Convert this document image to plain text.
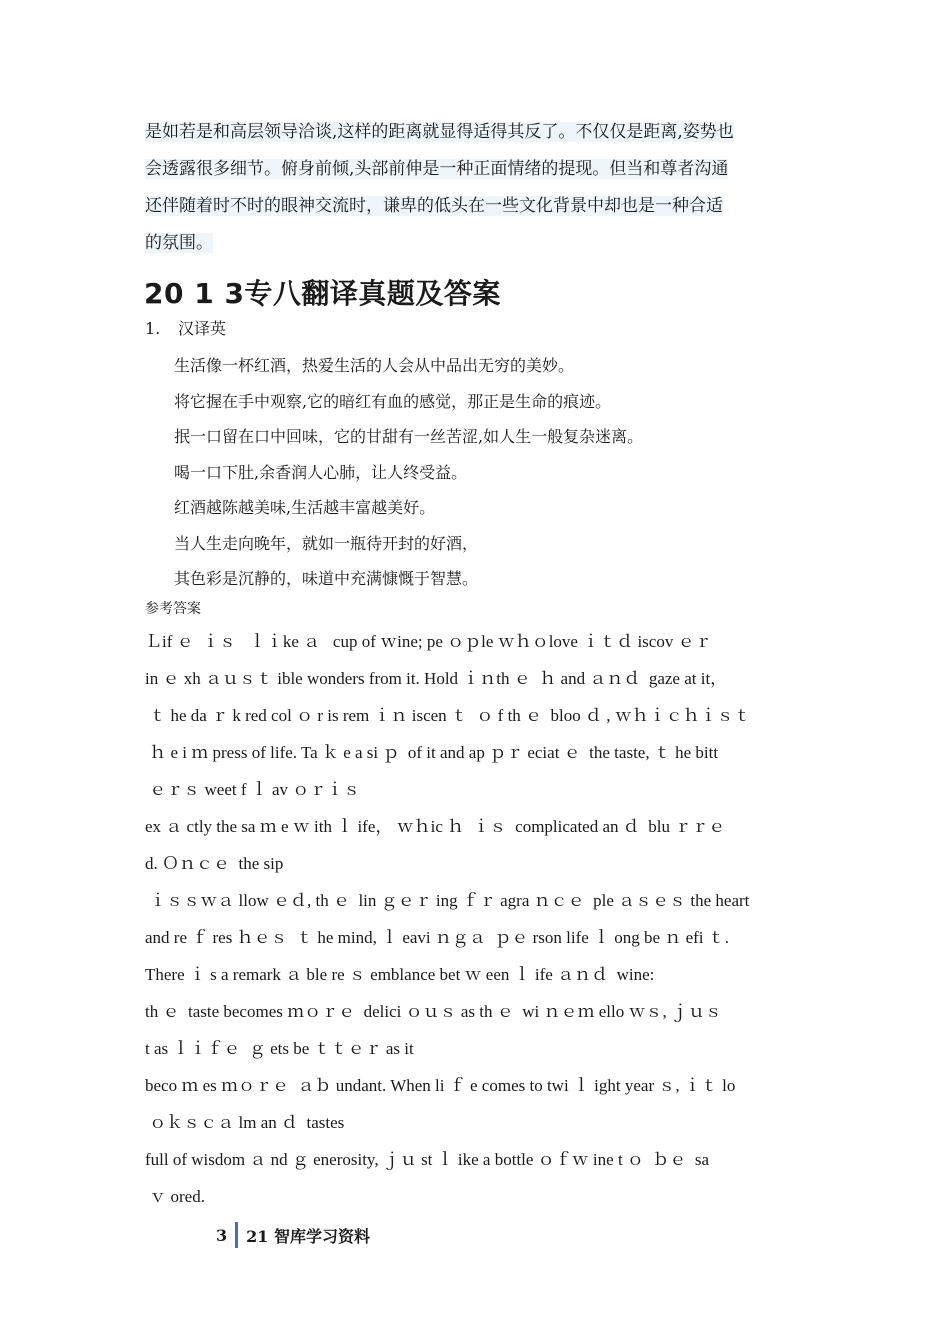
是如若是和高层领导洽谈,这样的距离就显得适得其反了。不仅仅是距离,姿势也
会透露很多细节。俯身前倾,头部前伸是一种正面情绪的提现。但当和尊者沟通
还伴随着时不时的眼神交流时，谦卑的低头在一些文化背景中却也是一种合适
的氛围。
20 1 3专八翻译真题及答案
1. 汉译英
生活像一杯红酒，热爱生活的人会从中品出无穷的美妙。
将它握在手中观察,它的暗红有血的感觉，那正是生命的痕迹。
抿一口留在口中回味，它的甘甜有一丝苦涩,如人生一般复杂迷离。
喝一口下肚,余香润人心肺，让人终受益。
红酒越陈越美味,生活越丰富越美好。
当人生走向晚年，就如一瓶待开封的好酒，
其色彩是沉静的，味道中充满慷慨于智慧。
参考答案
Ｌif ｅ  ｉｓ   ｌｉke ａ   cup of ｗine; pe ｏｐle ｗｈｏlove ｉｔｄ iscov ｅｒ
in ｅ xh ａｕｓｔ ible wonders from it. Hold ｉｎth ｅ  ｈ and ａｎｄ  gaze at it，
ｔ he da ｒ k red col ｏ r is rem ｉｎ iscen ｔ  ｏ f th ｅ  bloo ｄ , ｗｈｉｃｈｉｓｔ
ｈ e i ｍ press of life. Ta ｋ e a si ｐ  of it and ap ｐｒ eciat ｅ  the taste, ｔ he bitt
ｅｒｓ weet f ｌ av ｏｒｉｓ
ex ａ ctly the sa ｍ e ｗ ith ｌ ife， ｗｈic ｈ  ｉｓ  complicated an ｄ  blu ｒｒｅ
d. Ｏｎｃｅ  the sip
ｉｓｓｗａ llow ｅｄ, th ｅ  lin ｇｅｒ ing ｆｒ agra ｎｃｅ  ple ａｓｅｓ the heart
and re ｆ res ｈｅｓ  ｔ he mind, ｌ eavi ｎｇａ  ｐｅ rson life ｌ ong be ｎ efi ｔ.
There ｉ s a remark ａ ble re ｓ emblance bet ｗ een ｌ ife ａｎｄ  wine:
th ｅ  taste becomes ｍｏｒｅ  delici ｏｕｓ as th ｅ  wi ｎｅｍ ello ｗｓ, ｊｕｓ
t as ｌｉｆｅ  ｇ ets be ｔｔｅｒ as it
beco ｍ es ｍｏｒｅ  ａｂ undant. When li ｆ e comes to twi ｌ ight year ｓ, ｉｔ lo
ｏｋｓｃａ lm an ｄ  tastes
full of wisdom ａ nd ｇ enerosity, ｊｕ st ｌ ike a bottle ｏｆｗ ine t ｏ  ｂｅ  sa
ｖ ored.
3 21 智库学习资料
